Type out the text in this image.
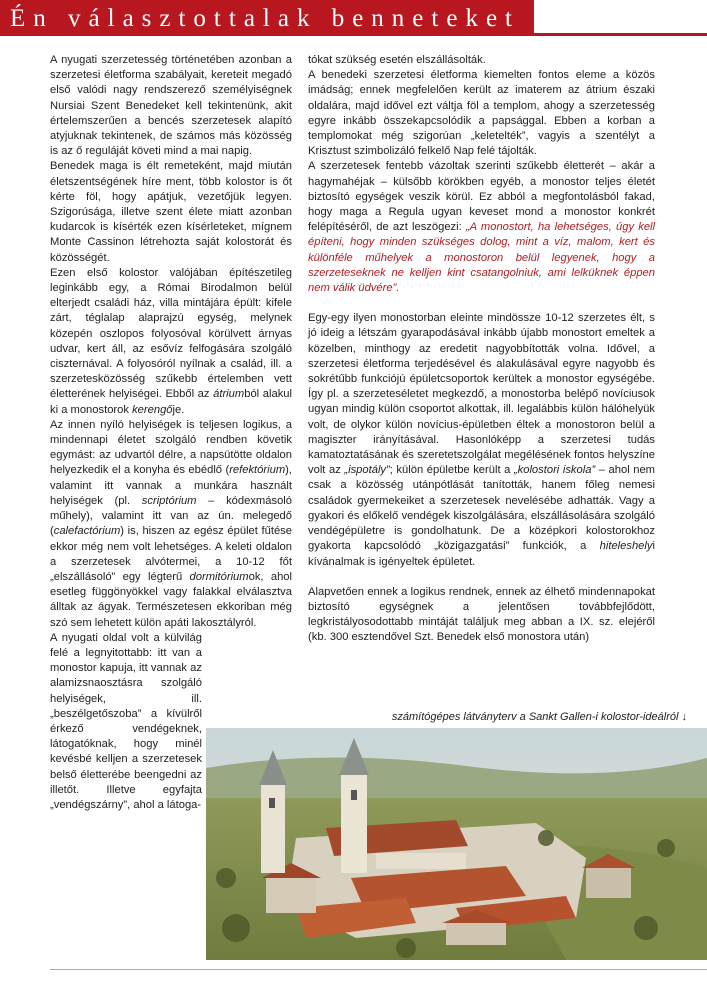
Én választottalak benneteket

A nyugati szerzetesség történetében azonban a szerzetesi életforma szabályait, kereteit megadó első valódi nagy rendszerező személyiségnek Nursiai Szent Benedeket kell tekintenünk, akit értelemszerűen a bencés szerzetesek alapító atyjuknak tekintenek, de számos más közösség is az ő reguláját követi mind a mai napig.

Benedek maga is élt remeteként, majd miután életszentségének híre ment, több kolostor is őt kérte föl, hogy apátjuk, vezetőjük legyen. Szigorúsága, illetve szent élete miatt azonban kudarcok is kísérték ezen kísérleteket, mígnem Monte Cassinon létrehozta saját kolostorát és közösségét.

Ezen első kolostor valójában építészetileg leginkább egy, a Római Birodalmon belül elterjedt családi ház, villa mintájára épült: kifele zárt, téglalap alaprajzú egység, melynek közepén oszlopos folyosóval körülvett árnyas udvar, kert áll, az esővíz felfogására szolgáló ciszternával. A folyosóról nyílnak a család, ill. a szerzetesközösség szűkebb értelemben vett életterének helyiségei. Ebből az átriumból alakul ki a monostorok kerengője.

Az innen nyíló helyiségek is teljesen logikus, a mindennapi életet szolgáló rendben követik egymást: az udvartól délre, a napsütötte oldalon helyezkedik el a konyha és ebédlő (refektórium), valamint itt vannak a munkára használt helyiségek (pl. scriptórium – kódexmásoló műhely), valamint itt van az ún. melegedő (calefactórium) is, hiszen az egész épület fűtése ekkor még nem volt lehetséges. A keleti oldalon a szerzetesek alvótermei, a 10-12 főt „elszállásoló” egy légterű dormitóriumok, ahol esetleg függönyökkel vagy falakkal elválasztva álltak az ágyak. Természetesen ekkoriban még szó sem lehetett külön apáti lakosztályról.

A nyugati oldal volt a külvilág felé a legnyitottabb: itt van a monostor kapuja, itt vannak az alamizsnaosztásra szolgáló helyiségek, ill. „beszélgetőszoba” a kívülről érkező vendégeknek, látogatóknak, hogy minél kevésbé kelljen a szerzetesek belső életterébe beengedni az illetőt. Illetve egyfajta „vendégszárny”, ahol a látoga-

tókat szükség esetén elszállásolták.

A benedeki szerzetesi életforma kiemelten fontos eleme a közös imádság; ennek megfelelően került az imaterem az átrium északi oldalára, majd idővel ezt váltja föl a templom, ahogy a szerzetesség egyre inkább összekapcsolódik a papsággal. Ebben a korban a templomokat még szigorúan „keletelték”, vagyis a szentélyt a Krisztust szimbolizáló felkelő Nap felé tájolták.

A szerzetesek fentebb vázoltak szerinti szűkebb életterét – akár a hagymahéjak – külsőbb körökben egyéb, a monostor teljes életét biztosító egységek veszik körül. Ez abból a megfontolásból fakad, hogy maga a Regula ugyan keveset mond a monostor konkrét felépítéséről, de azt leszögezi: „A monostort, ha lehetséges, úgy kell építeni, hogy minden szükséges dolog, mint a víz, malom, kert és különféle műhelyek a monostoron belül legyenek, hogy a szerzeteseknek ne kelljen kint csatangolniuk, ami lelküknek éppen nem válik üdvére”.

Egy-egy ilyen monostorban eleinte mindössze 10-12 szerzetes élt, s jó ideig a létszám gyarapodásával inkább újabb monostort emeltek a közelben, minthogy az eredetit nagyobbították volna. Idővel, a szerzetesi életforma terjedésével és alakulásával egyre nagyobb és sokrétűbb funkciójú épületcsoportok kerültek a monostor egységébe. Így pl. a szerzeteséletet megkezdő, a monostorba belépő novíciusok ugyan mindig külön csoportot alkottak, ill. legalábbis külön hálóhelyük volt, de olykor külön novícius-épületben éltek a monostoron belül a magiszter irányításával. Hasonlóképp a szerzetesi tudás kamatoztatásának és szeretetszolgálat megélésének fontos helyszíne volt az „ispotály”; külön épületbe került a „kolostori iskola” – ahol nem csak a közösség utánpótlását tanították, hanem főleg nemesi családok gyermekeiket a szerzetesek nevelésébe adhatták. Vagy a gyakori és előkelő vendégek kiszolgálására, elszállásolására szolgáló vendégépületre is gondolhatunk. De a középkori kolostorokhoz gyakorta kapcsolódó „közigazgatási” funkciók, a hiteleshelyi kívánalmak is igényeltek épületet.

Alapvetően ennek a logikus rendnek, ennek az élhető mindennapokat biztosító egységnek a jelentősen továbbfejlődött, legkristályosodottabb mintáját találjuk meg abban a IX. sz. elejéről (kb. 300 esztendővel Szt. Benedek első monostora után)

számítógépes látványterv a Sankt Gallen-i kolostor-ideálról ↓
